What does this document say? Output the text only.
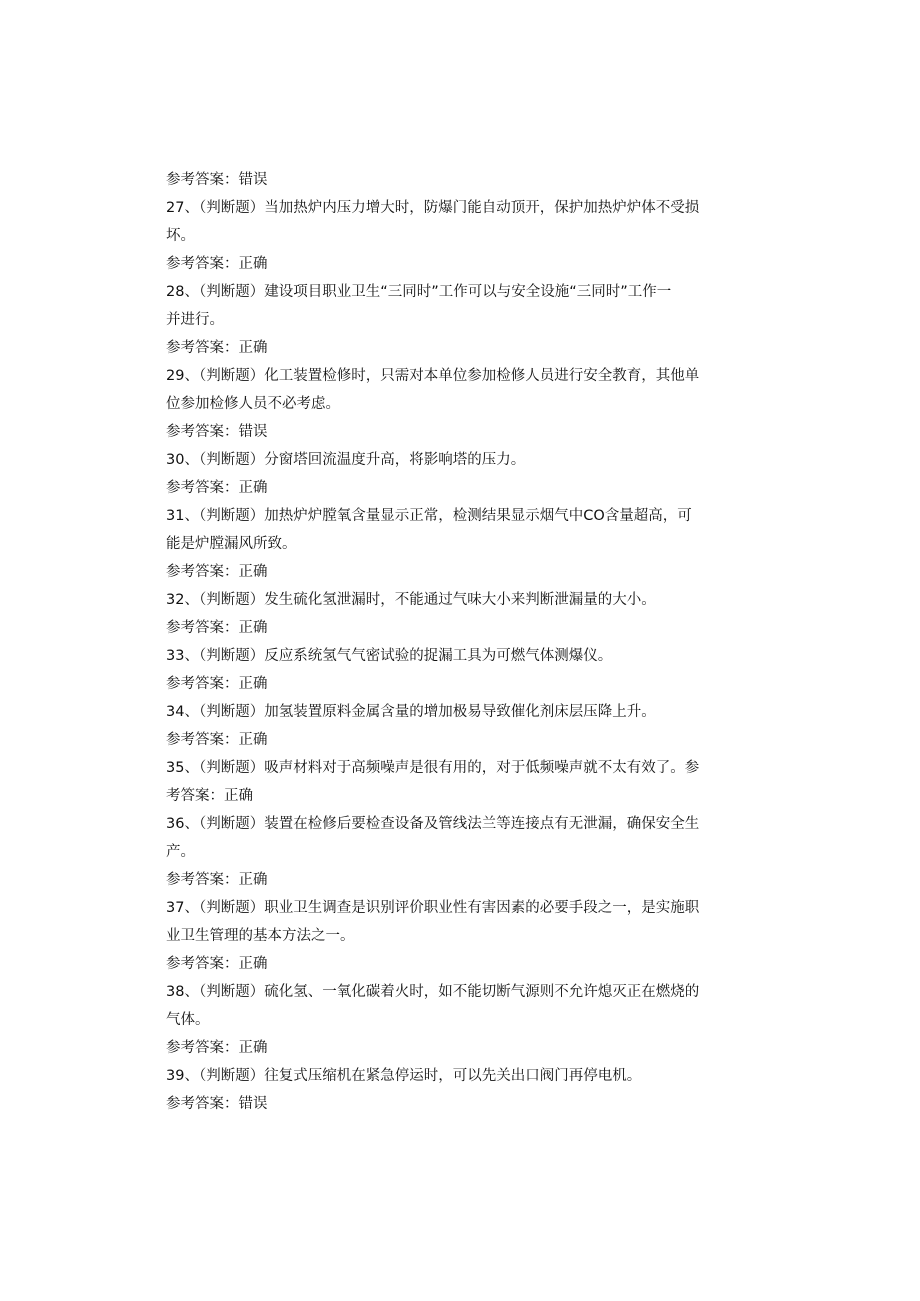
参考答案：错误
27、（判断题）当加热炉内压力增大时，防爆门能自动顶开，保护加热炉炉体不受损
坏。
参考答案：正确
28、（判断题）建设项目职业卫生“三同时”工作可以与安全设施“三同时”工作一
并进行。
参考答案：正确
29、（判断题）化工装置检修时，只需对本单位参加检修人员进行安全教育，其他单
位参加检修人员不必考虑。
参考答案：错误
30、（判断题）分窗塔回流温度升高，将影响塔的压力。
参考答案：正确
31、（判断题）加热炉炉膛氧含量显示正常，检测结果显示烟气中CO含量超高，可
能是炉膛漏风所致。
参考答案：正确
32、（判断题）发生硫化氢泄漏时，不能通过气味大小来判断泄漏量的大小。
参考答案：正确
33、（判断题）反应系统氢气气密试验的捉漏工具为可燃气体测爆仪。
参考答案：正确
34、（判断题）加氢装置原料金属含量的增加极易导致催化剂床层压降上升。
参考答案：正确
35、（判断题）吸声材料对于高频噪声是很有用的，对于低频噪声就不太有效了。参
考答案：正确
36、（判断题）装置在检修后要检查设备及管线法兰等连接点有无泄漏，确保安全生
产。
参考答案：正确
37、（判断题）职业卫生调查是识别评价职业性有害因素的必要手段之一，是实施职
业卫生管理的基本方法之一。
参考答案：正确
38、（判断题）硫化氢、一氧化碳着火时，如不能切断气源则不允许熄灭正在燃烧的
气体。
参考答案：正确
39、（判断题）往复式压缩机在紧急停运时，可以先关出口阀门再停电机。
参考答案：错误
